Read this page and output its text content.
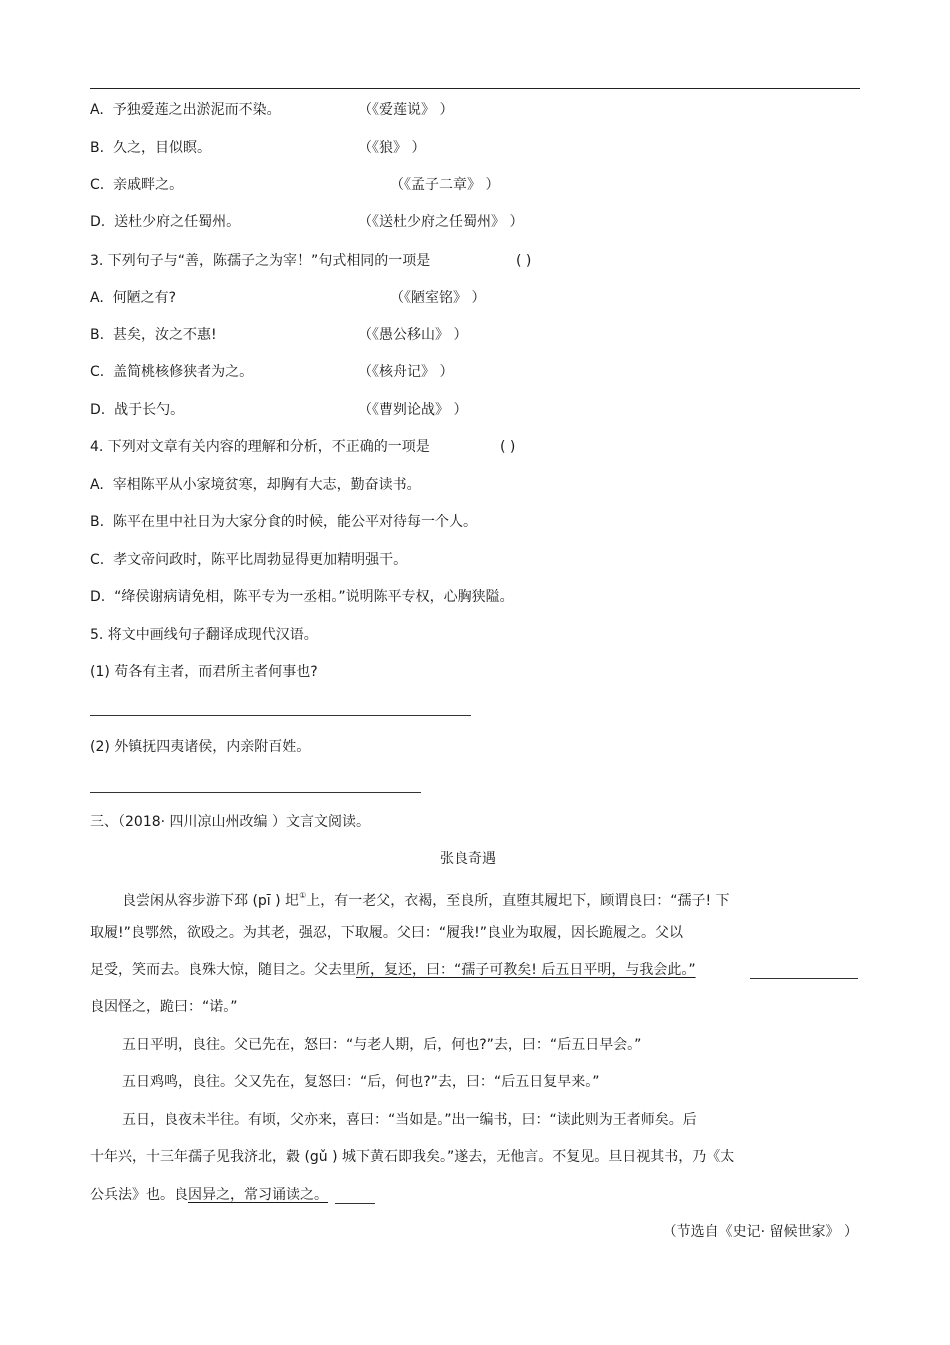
A. 予独爱莲之出淤泥而不染。	（《爱莲说》 ）
B. 久之，目似瞑。	（《狼》 ）
C. 亲戚畔之。	（《孟子二章》 ）
D. 送杜少府之任蜀州。	（《送杜少府之任蜀州》 ）
3. 下列句子与“善，陈孺子之为宰！”句式相同的一项是	( )
A. 何陋之有?	（《陋室铭》 ）
B. 甚矣，汝之不惠!	（《愚公移山》 ）
C. 盖简桃核修狭者为之。	（《核舟记》 ）
D. 战于长勺。	（《曹刿论战》 ）
4. 下列对文章有关内容的理解和分析，不正确的一项是	( )
A. 宰相陈平从小家境贫寒，却胸有大志，勤奋读书。
B. 陈平在里中社日为大家分食的时候，能公平对待每一个人。
C. 孝文帝问政时，陈平比周勃显得更加精明强干。
D. “绛侯谢病请免相，陈平专为一丞相。”说明陈平专权，心胸狭隘。
5. 将文中画线句子翻译成现代汉语。
(1) 苟各有主者，而君所主者何事也?
(2) 外镇抚四夷诸侯，内亲附百姓。
三、（2018· 四川凉山州改编 ）文言文阅读。
张良奇遇
良尝闲从容步游下邳 (pī ) 圯①上，有一老父，衣褐，至良所，直堕其履圯下，顾谓良曰：“孺子! 下
取履!”良鄂然，欲殴之。为其老，强忍，下取履。父曰：“履我!”良业为取履，因长跪履之。父以
足受，笑而去。良殊大惊，随目之。父去里所，复还，曰：“孺子可教矣! 后五日平明，与我会此。”
良因怪之，跪曰：“诺。”
五日平明，良往。父已先在，怒曰：“与老人期，后，何也?”去，曰：“后五日早会。”
五日鸡鸣，良往。父又先在，复怒曰：“后，何也?”去，曰：“后五日复早来。”
五日，良夜未半往。有顷，父亦来，喜曰：“当如是。”出一编书，曰：“读此则为王者师矣。后
十年兴，十三年孺子见我济北，縠 (gǔ ) 城下黄石即我矣。”遂去，无他言。不复见。旦日视其书，乃《太
公兵法》也。良因异之，常习诵读之。
（节选自《史记· 留候世家》 ）
